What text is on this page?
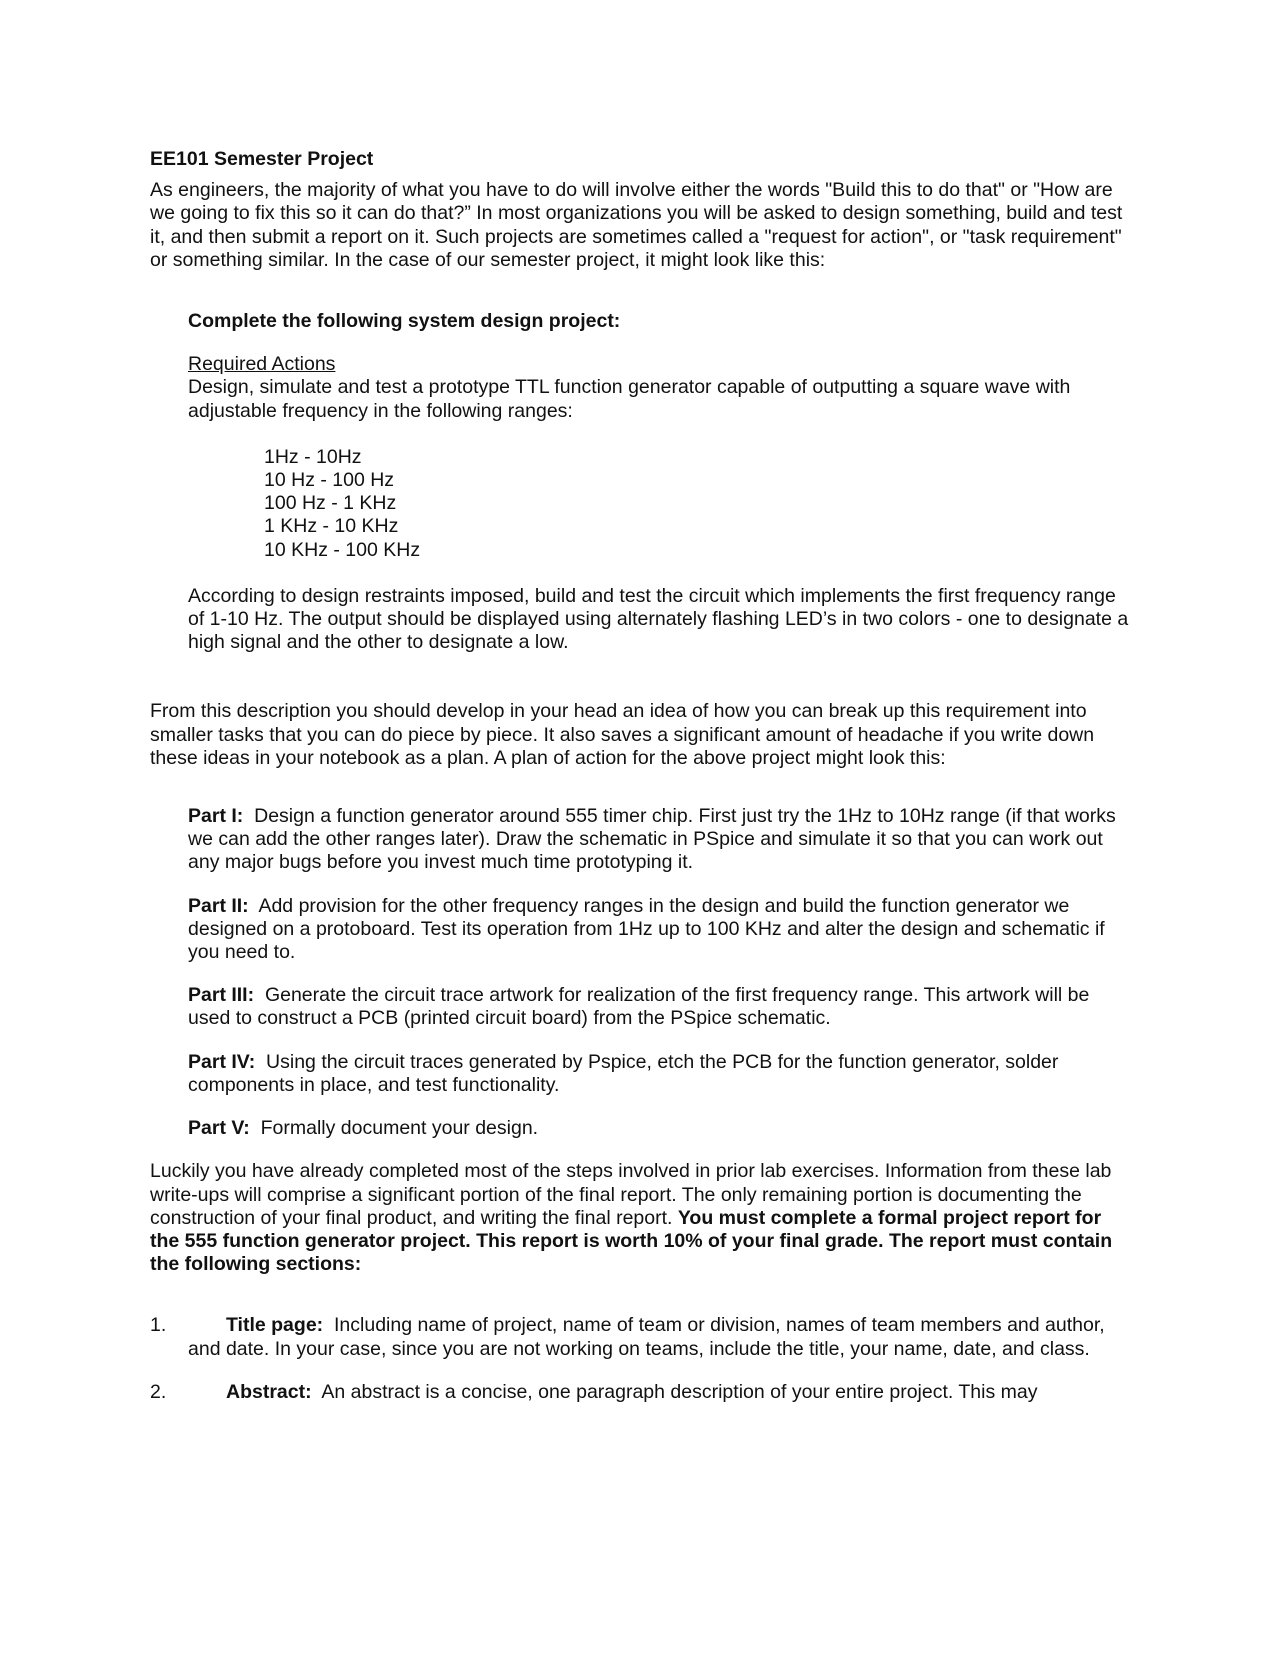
EE101 Semester Project

As engineers, the majority of what you have to do will involve either the words "Build this to do that" or "How are we going to fix this so it can do that?” In most organizations you will be asked to design something, build and test it, and then submit a report on it. Such projects are sometimes called a "request for action", or "task requirement" or something similar. In the case of our semester project, it might look like this:

Complete the following system design project:
Required Actions

Design, simulate and test a prototype TTL function generator capable of outputting a square wave with adjustable frequency in the following ranges:

1Hz - 10Hz
10 Hz - 100 Hz
100 Hz - 1 KHz
1 KHz - 10 KHz
10 KHz - 100 KHz

According to design restraints imposed, build and test the circuit which implements the first frequency range of 1-10 Hz. The output should be displayed using alternately flashing LED’s in two colors - one to designate a high signal and the other to designate a low.

From this description you should develop in your head an idea of how you can break up this requirement into smaller tasks that you can do piece by piece. It also saves a significant amount of headache if you write down these ideas in your notebook as a plan. A plan of action for the above project might look this:

Part I: Design a function generator around 555 timer chip. First just try the 1Hz to 10Hz range (if that works we can add the other ranges later). Draw the schematic in PSpice and simulate it so that you can work out any major bugs before you invest much time prototyping it.

Part II: Add provision for the other frequency ranges in the design and build the function generator we designed on a protoboard. Test its operation from 1Hz up to 100 KHz and alter the design and schematic if you need to.

Part III: Generate the circuit trace artwork for realization of the first frequency range. This artwork will be used to construct a PCB (printed circuit board) from the PSpice schematic.

Part IV: Using the circuit traces generated by Pspice, etch the PCB for the function generator, solder components in place, and test functionality.

Part V: Formally document your design.

Luckily you have already completed most of the steps involved in prior lab exercises. Information from these lab write-ups will comprise a significant portion of the final report. The only remaining portion is documenting the construction of your final product, and writing the final report. You must complete a formal project report for the 555 function generator project. This report is worth 10% of your final grade. The report must contain the following sections:

1.	Title page: Including name of project, name of team or division, names of team members and author, and date. In your case, since you are not working on teams, include the title, your name, date, and class.
2.	Abstract: An abstract is a concise, one paragraph description of your entire project. This may
